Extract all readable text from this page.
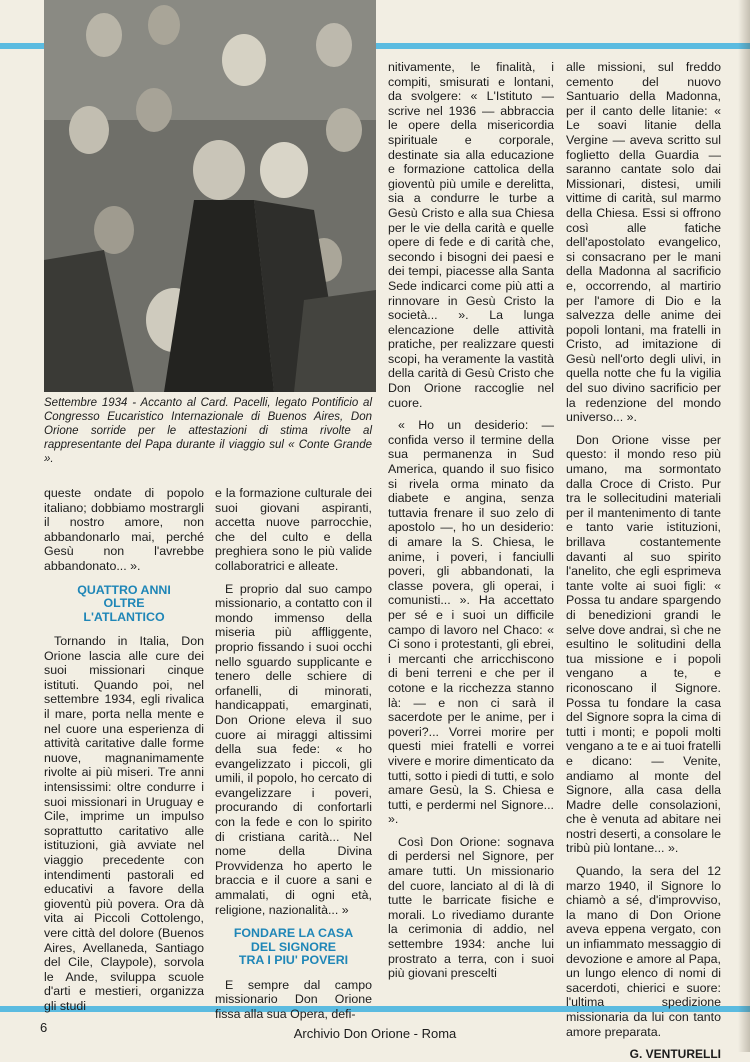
Settembre 1934 - Accanto al Card. Pacelli, legato Pontificio al Congresso Eucaristico Internazionale di Buenos Aires, Don Orione sorride per le attestazioni di stima rivolte al rappresentante del Papa durante il viaggio sul « Conte Grande ».

queste ondate di popolo italiano; dobbiamo mostrargli il nostro amore, non abbandonarlo mai, perché Gesù non l'avrebbe abbandonato... ».

QUATTRO ANNI
OLTRE
L'ATLANTICO

Tornando in Italia, Don Orione lascia alle cure dei suoi missionari cinque istituti. Quando poi, nel settembre 1934, egli rivalica il mare, porta nella mente e nel cuore una esperienza di attività caritative dalle forme nuove, magnanimamente rivolte ai più miseri. Tre anni intensissimi: oltre condurre i suoi missionari in Uruguay e Cile, imprime un impulso soprattutto caritativo alle istituzioni, già avviate nel viaggio precedente con intendimenti pastorali ed educativi a favore della gioventù più povera. Ora dà vita ai Piccoli Cottolengo, vere città del dolore (Buenos Aires, Avellaneda, Santiago del Cile, Claypole), sorvola le Ande, sviluppa scuole d'arti e mestieri, organizza gli studi

e la formazione culturale dei suoi giovani aspiranti, accetta nuove parrocchie, che del culto e della preghiera sono le più valide collaboratrici e alleate.

E proprio dal suo campo missionario, a contatto con il mondo immenso della miseria più affliggente, proprio fissando i suoi occhi nello sguardo supplicante e tenero delle schiere di orfanelli, di minorati, handicappati, emarginati, Don Orione eleva il suo cuore ai miraggi altissimi della sua fede: « ho evangelizzato i piccoli, gli umili, il popolo, ho cercato di evangelizzare i poveri, procurando di confortarli con la fede e con lo spirito di cristiana carità... Nel nome della Divina Provvidenza ho aperto le braccia e il cuore a sani e ammalati, di ogni età, religione, nazionalità... »

FONDARE LA CASA
DEL SIGNORE
TRA I PIU' POVERI

E sempre dal campo missionario Don Orione fissa alla sua Opera, defi-

nitivamente, le finalità, i compiti, smisurati e lontani, da svolgere: « L'Istituto — scrive nel 1936 — abbraccia le opere della misericordia spirituale e corporale, destinate sia alla educazione e formazione cattolica della gioventù più umile e derelitta, sia a condurre le turbe a Gesù Cristo e alla sua Chiesa per le vie della carità e quelle opere di fede e di carità che, secondo i bisogni dei paesi e dei tempi, piacesse alla Santa Sede indicarci come più atti a rinnovare in Gesù Cristo la società... ». La lunga elencazione delle attività pratiche, per realizzare questi scopi, ha veramente la vastità della carità di Gesù Cristo che Don Orione raccoglie nel cuore.

« Ho un desiderio: — confida verso il termine della sua permanenza in Sud America, quando il suo fisico si rivela orma minato da diabete e angina, senza tuttavia frenare il suo zelo di apostolo —, ho un desiderio: di amare la S. Chiesa, le anime, i poveri, i fanciulli poveri, gli abbandonati, la classe povera, gli operai, i comunisti... ». Ha accettato per sé e i suoi un difficile campo di lavoro nel Chaco: « Ci sono i protestanti, gli ebrei, i mercanti che arricchiscono di beni terreni e che per il cotone e la ricchezza stanno là: — e non ci sarà il sacerdote per le anime, per i poveri?... Vorrei morire per questi miei fratelli e vorrei vivere e morire dimenticato da tutti, sotto i piedi di tutti, e solo amare Gesù, la S. Chiesa e tutti, e perdermi nel Signore... ».

Così Don Orione: sognava di perdersi nel Signore, per amare tutti. Un missionario del cuore, lanciato al di là di tutte le barricate fisiche e morali. Lo rivediamo durante la cerimonia di addio, nel settembre 1934: anche lui prostrato a terra, con i suoi più giovani prescelti

alle missioni, sul freddo cemento del nuovo Santuario della Madonna, per il canto delle litanie: « Le soavi litanie della Vergine — aveva scritto sul foglietto della Guardia — saranno cantate solo dai Missionari, distesi, umili vittime di carità, sul marmo della Chiesa. Essi si offrono così alle fatiche dell'apostolato evangelico, si consacrano per le mani della Madonna al sacrificio e, occorrendo, al martirio per l'amore di Dio e la salvezza delle anime dei popoli lontani, ma fratelli in Cristo, ad imitazione di Gesù nell'orto degli ulivi, in quella notte che fu la vigilia del suo divino sacrificio per la redenzione del mondo universo... ».

Don Orione visse per questo: il mondo reso più umano, ma sormontato dalla Croce di Cristo. Pur tra le sollecitudini materiali per il mantenimento di tante e tanto varie istituzioni, brillava costantemente davanti al suo spirito l'anelito, che egli esprimeva tante volte ai suoi figli: « Possa tu andare spargendo di benedizioni grandi le selve dove andrai, sì che ne esultino le solitudini della tua missione e i popoli vengano a te, e riconoscano il Signore. Possa tu fondare la casa del Signore sopra la cima di tutti i monti; e popoli molti vengano a te e ai tuoi fratelli e dicano: — Venite, andiamo al monte del Signore, alla casa della Madre delle consolazioni, che è venuta ad abitare nei nostri deserti, a consolare le tribù più lontane... ».

Quando, la sera del 12 marzo 1940, il Signore lo chiamò a sé, d'improvviso, la mano di Don Orione aveva eppena vergato, con un infiammato messaggio di devozione e amore al Papa, un lungo elenco di nomi di sacerdoti, chierici e suore: l'ultima spedizione missionaria da lui con tanto amore preparata.

G. VENTURELLI
6	Archivio Don Orione - Roma
